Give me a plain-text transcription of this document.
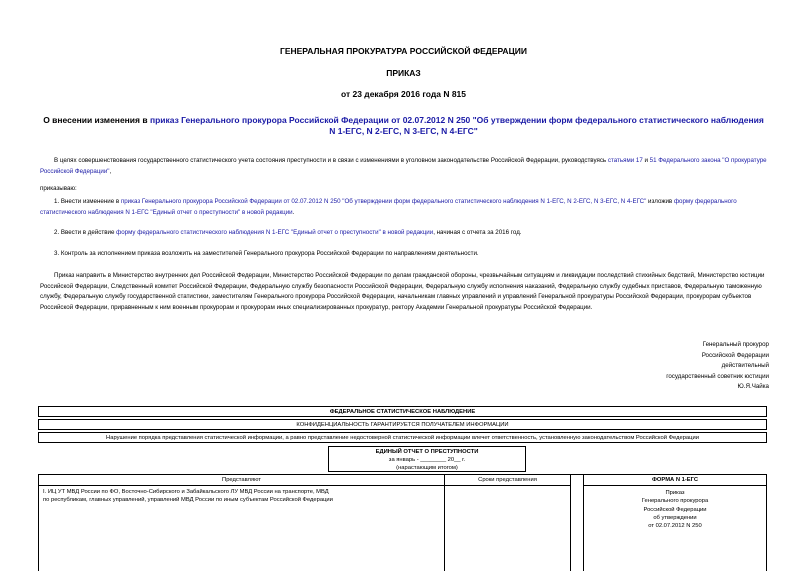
ГЕНЕРАЛЬНАЯ ПРОКУРАТУРА РОССИЙСКОЙ ФЕДЕРАЦИИ
ПРИКАЗ
от 23 декабря 2016 года N 815
О внесении изменения в приказ Генерального прокурора Российской Федерации от 02.07.2012 N 250 "Об утверждении форм федерального статистического наблюдения N 1-ЕГС, N 2-ЕГС, N 3-ЕГС, N 4-ЕГС"
В целях совершенствования государственного статистического учета состояния преступности и в связи с изменениями в уголовном законодательстве Российской Федерации, руководствуясь статьями 17 и 51 Федерального закона "О прокуратуре Российской Федерации",
приказываю:
1. Внести изменение в приказ Генерального прокурора Российской Федерации от 02.07.2012 N 250 "Об утверждении форм федерального статистического наблюдения N 1-ЕГС, N 2-ЕГС, N 3-ЕГС, N 4-ЕГС" изложив форму федерального статистического наблюдения N 1-ЕГС "Единый отчет о преступности" в новой редакции.
2. Ввести в действие форму федерального статистического наблюдения N 1-ЕГС "Единый отчет о преступности" в новой редакции, начиная с отчета за 2016 год.
3. Контроль за исполнением приказа возложить на заместителей Генерального прокурора Российской Федерации по направлениям деятельности.
Приказ направить в Министерство внутренних дел Российской Федерации, Министерство Российской Федерации по делам гражданской обороны, чрезвычайным ситуациям и ликвидации последствий стихийных бедствий, Министерство юстиции Российской Федерации, Следственный комитет Российской Федерации, Федеральную службу безопасности Российской Федерации, Федеральную службу исполнения наказаний, Федеральную службу судебных приставов, Федеральную таможенную службу, Федеральную службу государственной статистики, заместителям Генерального прокурора Российской Федерации, начальникам главных управлений и управлений Генеральной прокуратуры Российской Федерации, прокурорам субъектов Российской Федерации, приравненным к ним военным прокурорам и прокурорам иных специализированных прокуратур, ректору Академии Генеральной прокуратуры Российской Федерации.
Генеральный прокурор
Российской Федерации
действительный
государственный советник юстиции
Ю.Я.Чайка
ФЕДЕРАЛЬНОЕ СТАТИСТИЧЕСКОЕ НАБЛЮДЕНИЕ
КОНФИДЕНЦИАЛЬНОСТЬ ГАРАНТИРУЕТСЯ ПОЛУЧАТЕЛЕМ ИНФОРМАЦИИ
Нарушение порядка представления статистической информации, а равно представление недостоверной статистической информации влечет ответственность, установленную законодательством Российской Федерации
ЕДИНЫЙ ОТЧЕТ О ПРЕСТУПНОСТИ
за январь - ________ 20__ г.
(нарастающим итогом)
Представляют
I. ИЦ УТ МВД России по ФО, Восточно-Сибирского и Забайкальского ЛУ МВД России на транспорте, МВД по республикам, главных управлений, управлений МВД России по иным субъектам Российской Федерации
Сроки представления	ФОРМА N 1-ЕГС
Приказ
Генерального прокурора
Российской Федерации
об утверждении
от 02.07.2012 N 250
